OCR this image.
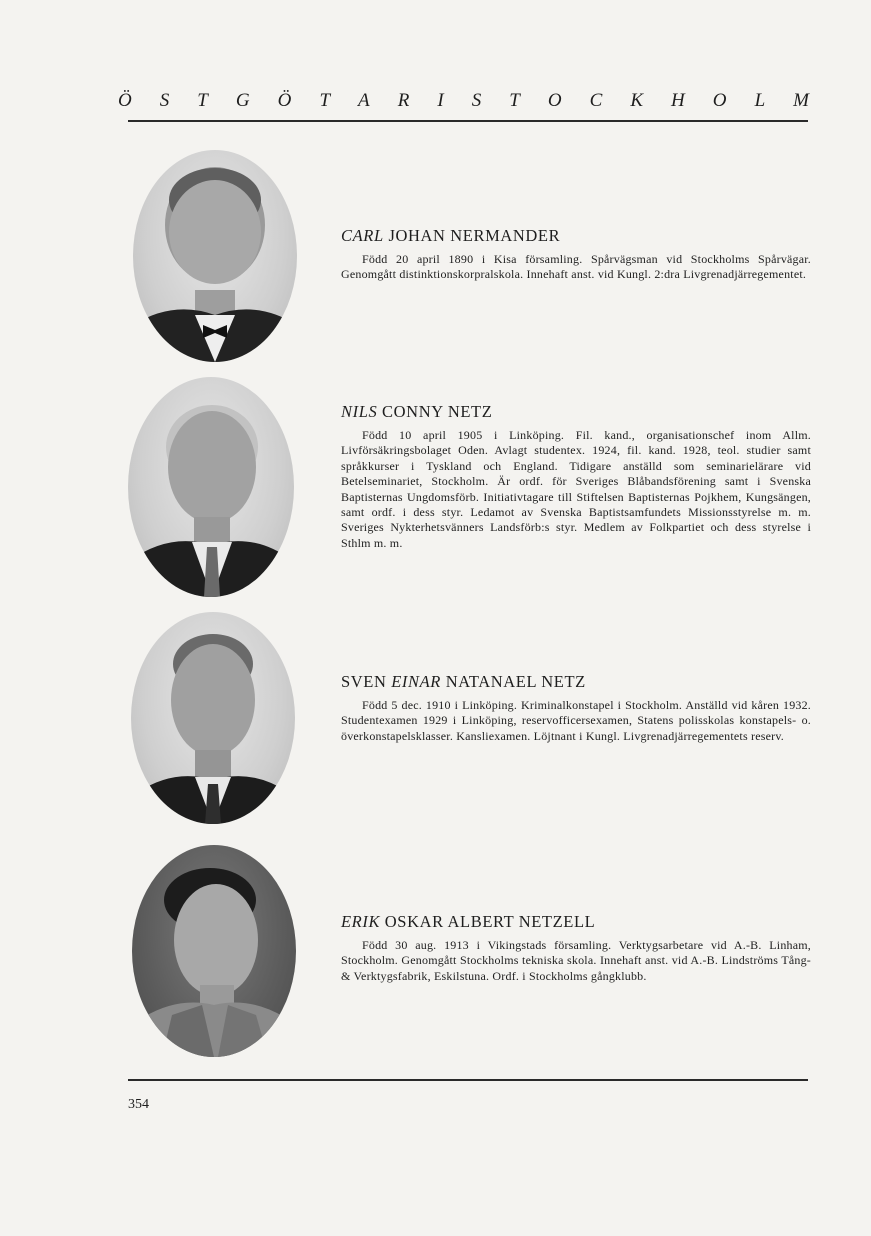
Ö S T G Ö T A R I S T O C K H O L M
CARL JOHAN NERMANDER

Född 20 april 1890 i Kisa församling. Spårvägsman vid Stockholms Spårvägar. Genomgått distinktionskorpralskola. Innehaft anst. vid Kungl. 2:dra Livgrenadjärregementet.

NILS CONNY NETZ

Född 10 april 1905 i Linköping. Fil. kand., organisationschef inom Allm. Livförsäkringsbolaget Oden. Avlagt studentex. 1924, fil. kand. 1928, teol. studier samt språkkurser i Tyskland och England. Tidigare anställd som seminarielärare vid Betelseminariet, Stockholm. Är ordf. för Sveriges Blåbandsförening samt i Svenska Baptisternas Ungdomsförb. Initiativtagare till Stiftelsen Baptisternas Pojkhem, Kungsängen, samt ordf. i dess styr. Ledamot av Svenska Baptistsamfundets Missionsstyrelse m. m. Sveriges Nykterhetsvänners Landsförb:s styr. Medlem av Folkpartiet och dess styrelse i Sthlm m. m.

SVEN EINAR NATANAEL NETZ

Född 5 dec. 1910 i Linköping. Kriminalkonstapel i Stockholm. Anställd vid kåren 1932. Studentexamen 1929 i Linköping, reservofficersexamen, Statens polisskolas konstapels- o. överkonstapelsklasser. Kansliexamen. Löjtnant i Kungl. Livgrenadjärregementets reserv.

ERIK OSKAR ALBERT NETZELL

Född 30 aug. 1913 i Vikingstads församling. Verktygsarbetare vid A.-B. Linham, Stockholm. Genomgått Stockholms tekniska skola. Innehaft anst. vid A.-B. Lindströms Tång- & Verktygsfabrik, Eskilstuna. Ordf. i Stockholms gångklubb.

354
